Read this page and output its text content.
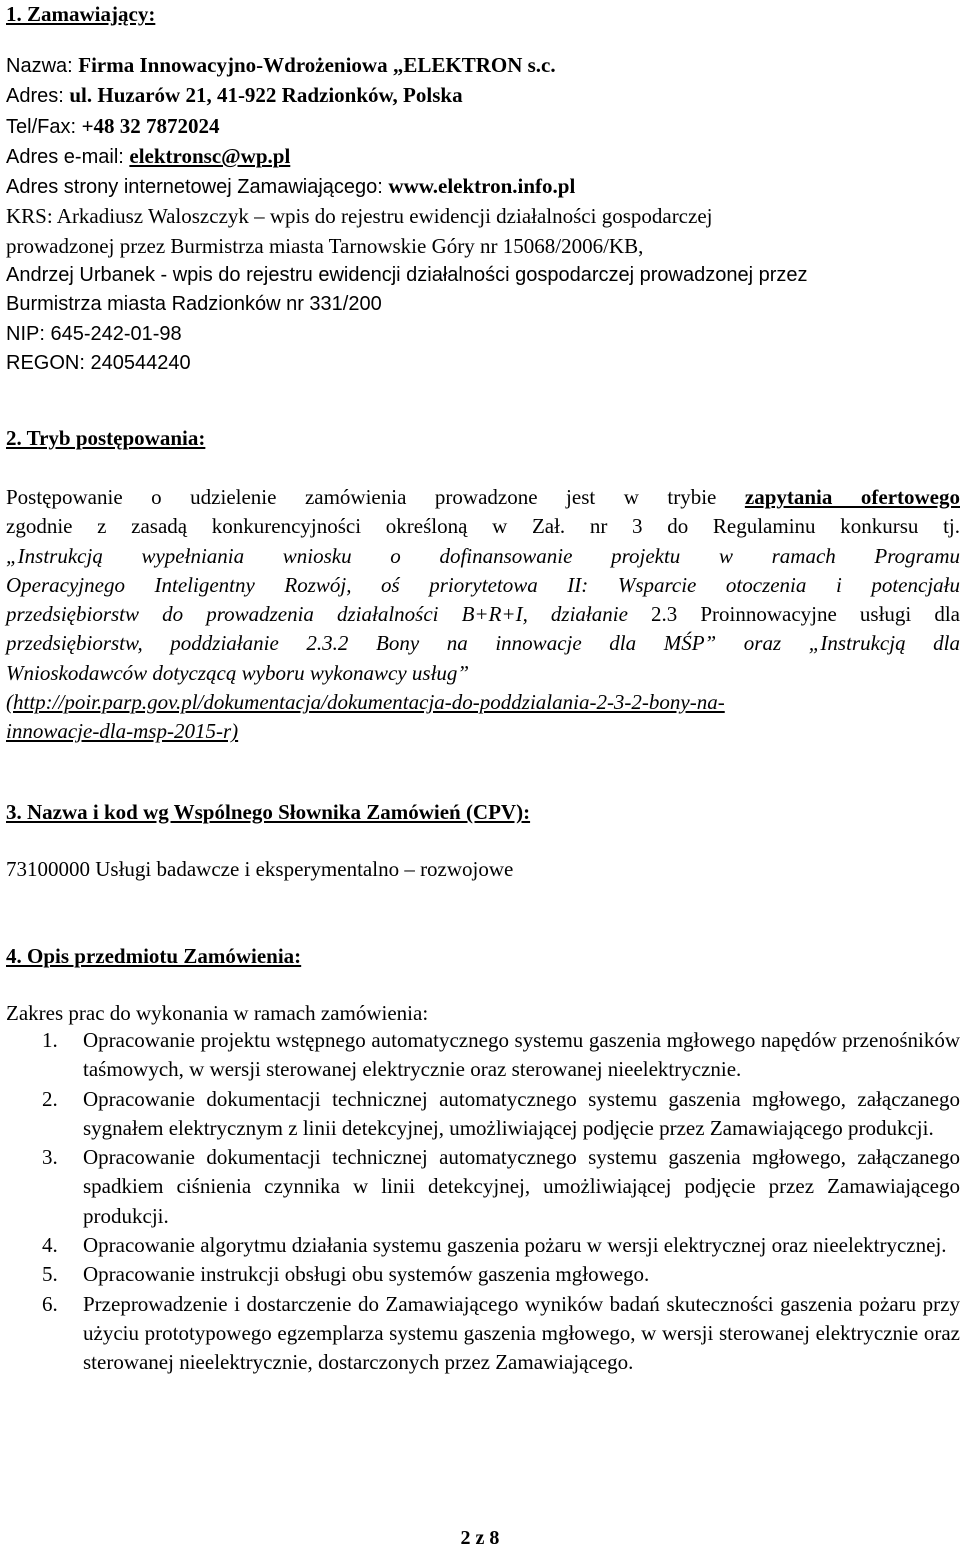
1. Zamawiający:
Nazwa: Firma Innowacyjno-Wdrożeniowa „ELEKTRON s.c.
Adres: ul. Huzarów 21, 41-922 Radzionków, Polska
Tel/Fax: +48 32 7872024
Adres e-mail: elektronsc@wp.pl
Adres strony internetowej Zamawiającego: www.elektron.info.pl
KRS: Arkadiusz Waloszczyk – wpis do rejestru ewidencji działalności gospodarczej
prowadzonej przez Burmistrza miasta Tarnowskie Góry nr 15068/2006/KB,
Andrzej Urbanek - wpis do rejestru ewidencji działalności gospodarczej prowadzonej przez
Burmistrza miasta Radzionków nr 331/200
NIP: 645-242-01-98
REGON: 240544240
2. Tryb postępowania:
Postępowanie o udzielenie zamówienia prowadzone jest w trybie zapytania ofertowego
zgodnie z zasadą konkurencyjności określoną w Zał. nr 3 do Regulaminu konkursu tj.
„Instrukcją wypełniania wniosku o dofinansowanie projektu w ramach Programu
Operacyjnego Inteligentny Rozwój, oś priorytetowa II: Wsparcie otoczenia i potencjału
przedsiębiorstw do prowadzenia działalności B+R+I, działanie 2.3 Proinnowacyjne usługi dla
przedsiębiorstw, poddziałanie 2.3.2 Bony na innowacje dla MŚP” oraz „Instrukcją dla
Wnioskodawców dotyczącą wyboru wykonawcy usług”
(http://poir.parp.gov.pl/dokumentacja/dokumentacja-do-poddzialania-2-3-2-bony-na-
innowacje-dla-msp-2015-r)
3. Nazwa i kod wg Wspólnego Słownika Zamówień (CPV):
73100000 Usługi badawcze i eksperymentalno – rozwojowe
4. Opis przedmiotu Zamówienia:
Zakres prac do wykonania w ramach zamówienia:
1. Opracowanie projektu wstępnego automatycznego systemu gaszenia mgłowego napędów przenośników taśmowych, w wersji sterowanej elektrycznie oraz sterowanej nieelektrycznie.
2. Opracowanie dokumentacji technicznej automatycznego systemu gaszenia mgłowego, załączanego sygnałem elektrycznym z linii detekcyjnej, umożliwiającej podjęcie przez Zamawiającego produkcji.
3. Opracowanie dokumentacji technicznej automatycznego systemu gaszenia mgłowego, załączanego spadkiem ciśnienia czynnika w linii detekcyjnej, umożliwiającej podjęcie przez Zamawiającego produkcji.
4. Opracowanie algorytmu działania systemu gaszenia pożaru w wersji elektrycznej oraz nieelektrycznej.
5. Opracowanie instrukcji obsługi obu systemów gaszenia mgłowego.
6. Przeprowadzenie i dostarczenie do Zamawiającego wyników badań skuteczności gaszenia pożaru przy użyciu prototypowego egzemplarza systemu gaszenia mgłowego, w wersji sterowanej elektrycznie oraz sterowanej nieelektrycznie, dostarczonych przez Zamawiającego.
2 z 8
